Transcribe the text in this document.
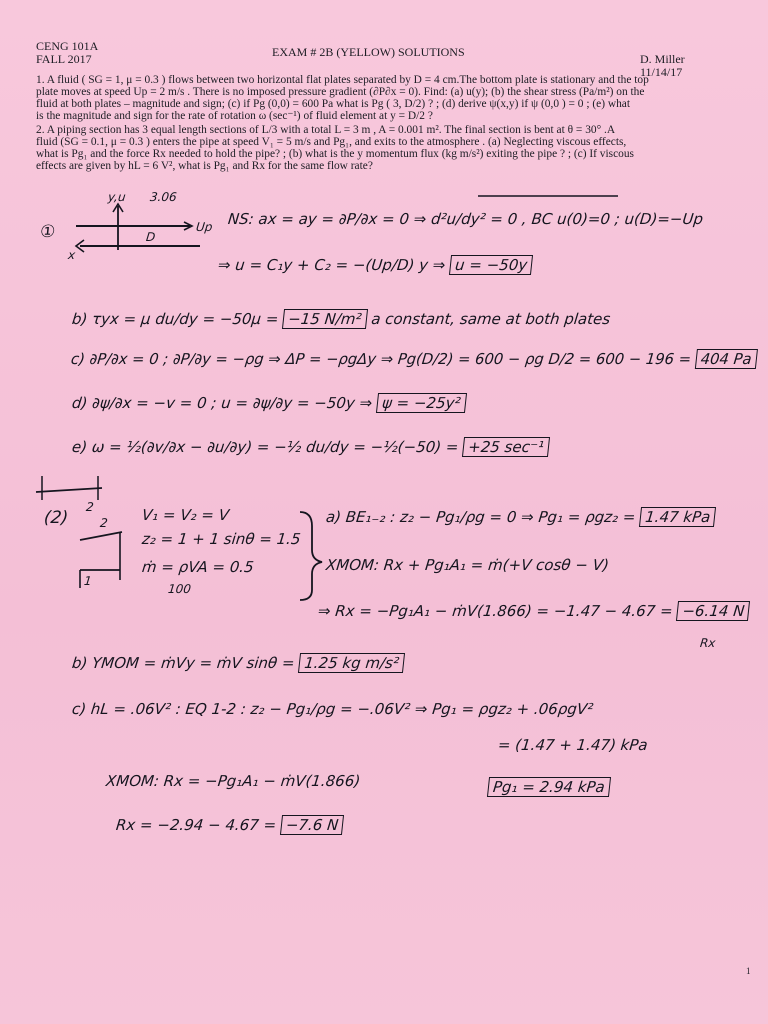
CENG 101A
FALL 2017	EXAM # 2B (YELLOW) SOLUTIONS	D. Miller
11/14/17
1. A fluid ( SG = 1, μ = 0.3 ) flows between two horizontal flat plates separated by D = 4 cm.The bottom plate is stationary and the top
plate moves at speed Up = 2 m/s . There is no imposed pressure gradient (∂P∂x = 0). Find: (a) u(y); (b) the shear stress (Pa/m²) on the
fluid at both plates – magnitude and sign; (c) if Pg (0,0) = 600 Pa what is Pg ( 3, D/2) ? ; (d) derive ψ(x,y) if ψ (0,0 ) = 0 ; (e) what
is the magnitude and sign for the rate of rotation ω (sec⁻¹) of fluid element at y = D/2 ?
2. A piping section has 3 equal length sections of L/3 with a total L = 3 m , A = 0.001 m². The final section is bent at θ = 30° .A
fluid (SG = 0.1, μ = 0.3 ) enters the pipe at speed V₁ = 5 m/s and Pg₁, and exits to the atmosphere . (a) Neglecting viscous effects,
what is Pg₁ and the force Rx needed to hold the pipe? ; (b) what is the y momentum flux (kg m/s²) exiting the pipe ? ; (c) If viscous
effects are given by hL = 6 V², what is Pg₁ and Rx for the same flow rate?
①
y,u
x
D
Up
3.06
NS: ax = ay = ∂P/∂x = 0 ⇒ d²u/dy² = 0 , BC u(0)=0 ; u(D)=−Up
⇒ u = C₁y + C₂ = −(Up/D) y ⇒ u = −50y
b) τyx = μ du/dy = −50μ = −15 N/m² a constant, same at both plates
c) ∂P/∂x = 0 ; ∂P/∂y = −ρg ⇒ ΔP = −ρgΔy ⇒ Pg(D/2) = 600 − ρg D/2 = 600 − 196 = 404 Pa
d) ∂ψ/∂x = −v = 0 ; u = ∂ψ/∂y = −50y ⇒ ψ = −25y²
e) ω = ½(∂v/∂x − ∂u/∂y) = −½ du/dy = −½(−50) = +25 sec⁻¹
(2)
2
2
1
V₁ = V₂ = V
z₂ = 1 + 1 sinθ = 1.5
ṁ = ρVA = 0.5
100
a) BE₁₋₂ : z₂ − Pg₁/ρg = 0 ⇒ Pg₁ = ρgz₂ = 1.47 kPa
XMOM: Rx + Pg₁A₁ = ṁ(+V cosθ − V)
⇒ Rx = −Pg₁A₁ − ṁV(1.866) = −1.47 − 4.67 = −6.14 N
Rx
b) YMOM = ṁVy = ṁV sinθ = 1.25 kg m/s²
c) hL = .06V² : EQ 1-2 : z₂ − Pg₁/ρg = −.06V² ⇒ Pg₁ = ρgz₂ + .06ρgV²
= (1.47 + 1.47) kPa
XMOM: Rx = −Pg₁A₁ − ṁV(1.866)	Pg₁ = 2.94 kPa
Rx = −2.94 − 4.67 = −7.6 N
1
